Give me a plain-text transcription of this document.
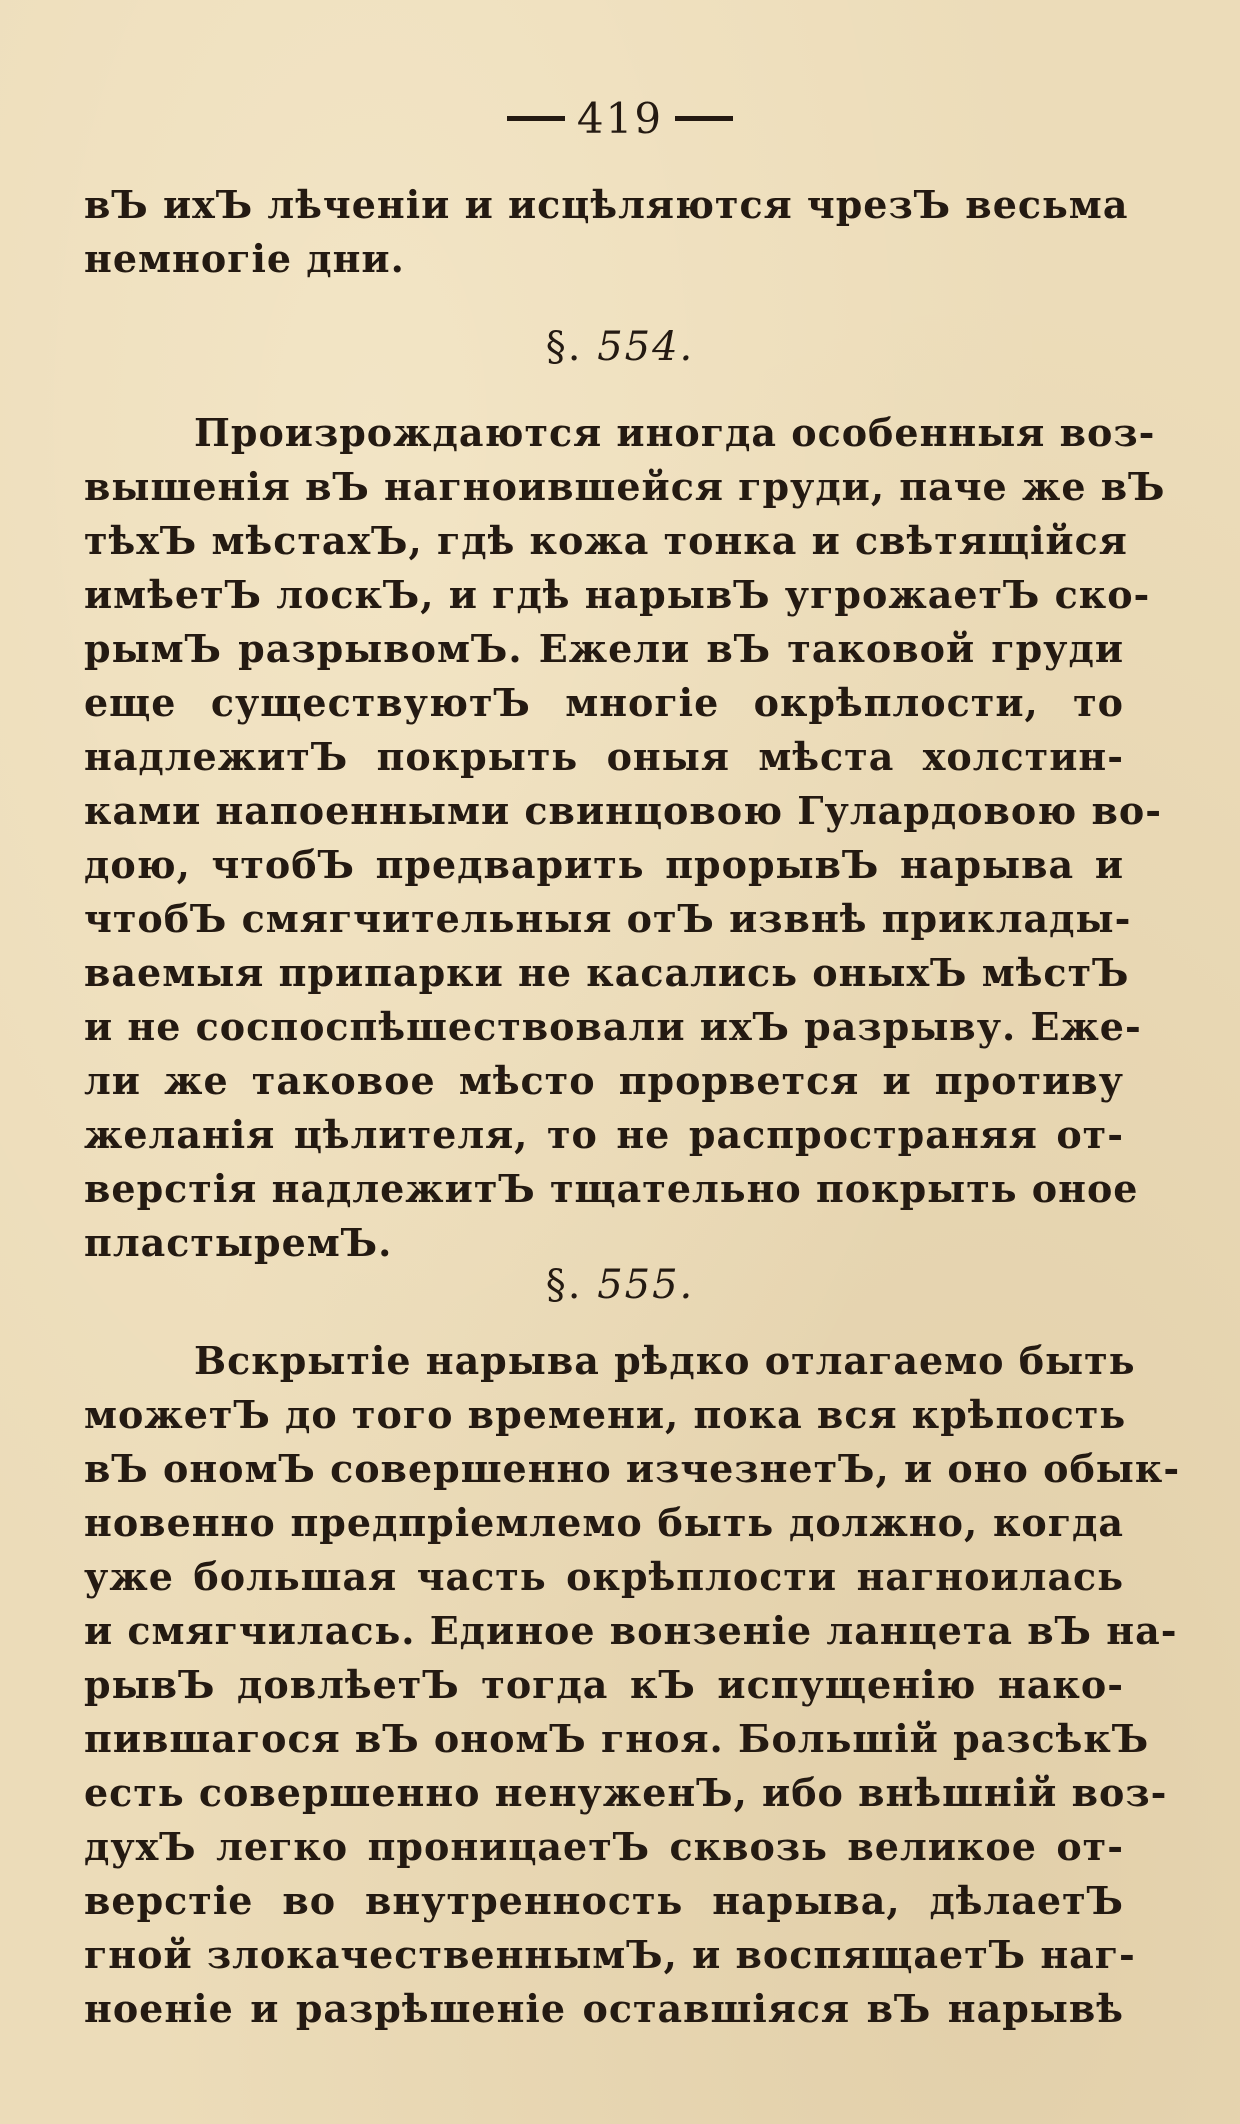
419
вЪ ихЪ лѣченіи и исцѣляются чрезЪ весьма
немногіе дни.
§. 554.
Произрождаются иногда особенныя воз-
вышенія вЪ нагноившейся груди, паче же вЪ
тѣхЪ мѣстахЪ, гдѣ кожа тонка и свѣтящійся
имѣетЪ лоскЪ, и гдѣ нарывЪ угрожаетЪ ско-
рымЪ разрывомЪ. Ежели вЪ таковой груди
еще существуютЪ многіе окрѣплости, то
надлежитЪ покрыть оныя мѣста холстин-
ками напоенными свинцовою Гулардовою во-
дою, чтобЪ предварить прорывЪ нарыва и
чтобЪ смягчительныя отЪ извнѣ приклады-
ваемыя припарки не касались оныхЪ мѣстЪ
и не соспоспѣшествовали ихЪ разрыву. Еже-
ли же таковое мѣсто прорвется и противу
желанія цѣлителя, то не распространяя от-
верстія надлежитЪ тщательно покрыть оное
пластыремЪ.
§. 555.
Вскрытіе нарыва рѣдко отлагаемо быть
можетЪ до того времени, пока вся крѣпость
вЪ ономЪ совершенно изчезнетЪ, и оно обык-
новенно предпріемлемо быть должно, когда
уже большая часть окрѣплости нагноилась
и смягчилась. Единое вонзеніе ланцета вЪ на-
рывЪ довлѣетЪ тогда кЪ испущенію нако-
пившагося вЪ ономЪ гноя. Большій разсѣкЪ
есть совершенно ненуженЪ, ибо внѣшній воз-
духЪ легко проницаетЪ сквозь великое от-
верстіе во внутренность нарыва, дѣлаетЪ
гной злокачественнымЪ, и воспящаетЪ наг-
ноеніе и разрѣшеніе оставшіяся вЪ нарывѣ
